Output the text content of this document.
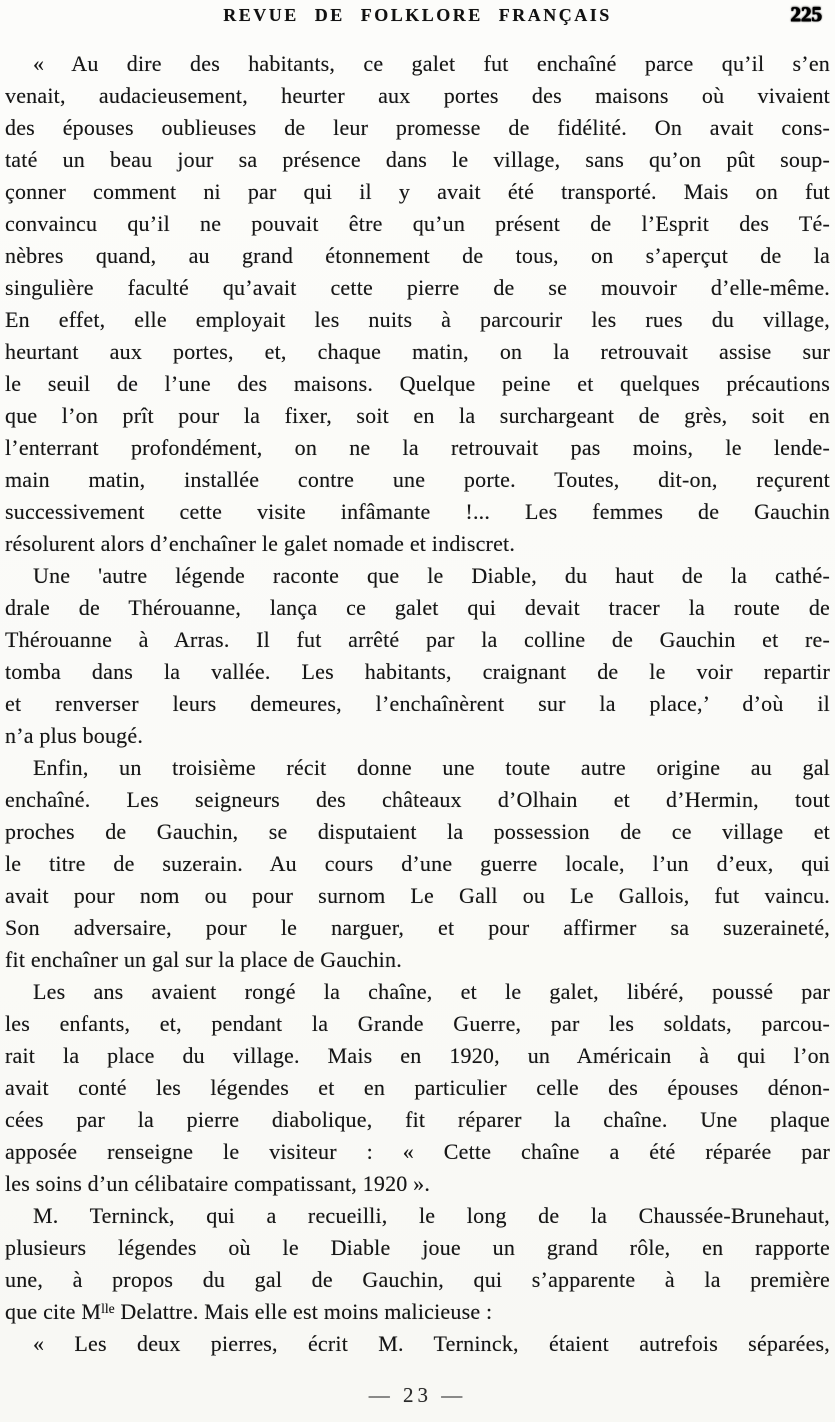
REVUE DE FOLKLORE FRANÇAIS	225
« Au dire des habitants, ce galet fut enchaîné parce qu’il s’en
venait, audacieusement, heurter aux portes des maisons où vivaient
des épouses oublieuses de leur promesse de fidélité. On avait cons-
taté un beau jour sa présence dans le village, sans qu’on pût soup-
çonner comment ni par qui il y avait été transporté. Mais on fut
convaincu qu’il ne pouvait être qu’un présent de l’Esprit des Té-
nèbres quand, au grand étonnement de tous, on s’aperçut de la
singulière faculté qu’avait cette pierre de se mouvoir d’elle-même.
En effet, elle employait les nuits à parcourir les rues du village,
heurtant aux portes, et, chaque matin, on la retrouvait assise sur
le seuil de l’une des maisons. Quelque peine et quelques précautions
que l’on prît pour la fixer, soit en la surchargeant de grès, soit en
l’enterrant profondément, on ne la retrouvait pas moins, le lende-
main matin, installée contre une porte. Toutes, dit-on, reçurent
successivement cette visite infâmante !... Les femmes de Gauchin
résolurent alors d’enchaîner le galet nomade et indiscret.
Une 'autre légende raconte que le Diable, du haut de la cathé-
drale de Thérouanne, lança ce galet qui devait tracer la route de
Thérouanne à Arras. Il fut arrêté par la colline de Gauchin et re-
tomba dans la vallée. Les habitants, craignant de le voir repartir
et renverser leurs demeures, l’enchaînèrent sur la place,’ d’où il
n’a plus bougé.
Enfin, un troisième récit donne une toute autre origine au gal
enchaîné. Les seigneurs des châteaux d’Olhain et d’Hermin, tout
proches de Gauchin, se disputaient la possession de ce village et
le titre de suzerain. Au cours d’une guerre locale, l’un d’eux, qui
avait pour nom ou pour surnom Le Gall ou Le Gallois, fut vaincu.
Son adversaire, pour le narguer, et pour affirmer sa suzeraineté,
fit enchaîner un gal sur la place de Gauchin.
Les ans avaient rongé la chaîne, et le galet, libéré, poussé par
les enfants, et, pendant la Grande Guerre, par les soldats, parcou-
rait la place du village. Mais en 1920, un Américain à qui l’on
avait conté les légendes et en particulier celle des épouses dénon-
cées par la pierre diabolique, fit réparer la chaîne. Une plaque
apposée renseigne le visiteur : « Cette chaîne a été réparée par
les soins d’un célibataire compatissant, 1920 ».
M. Terninck, qui a recueilli, le long de la Chaussée-Brunehaut,
plusieurs légendes où le Diable joue un grand rôle, en rapporte
une, à propos du gal de Gauchin, qui s’apparente à la première
que cite $M^{lle}$ Delattre. Mais elle est moins malicieuse :
« Les deux pierres, écrit M. Terninck, étaient autrefois séparées,
— 23 —
